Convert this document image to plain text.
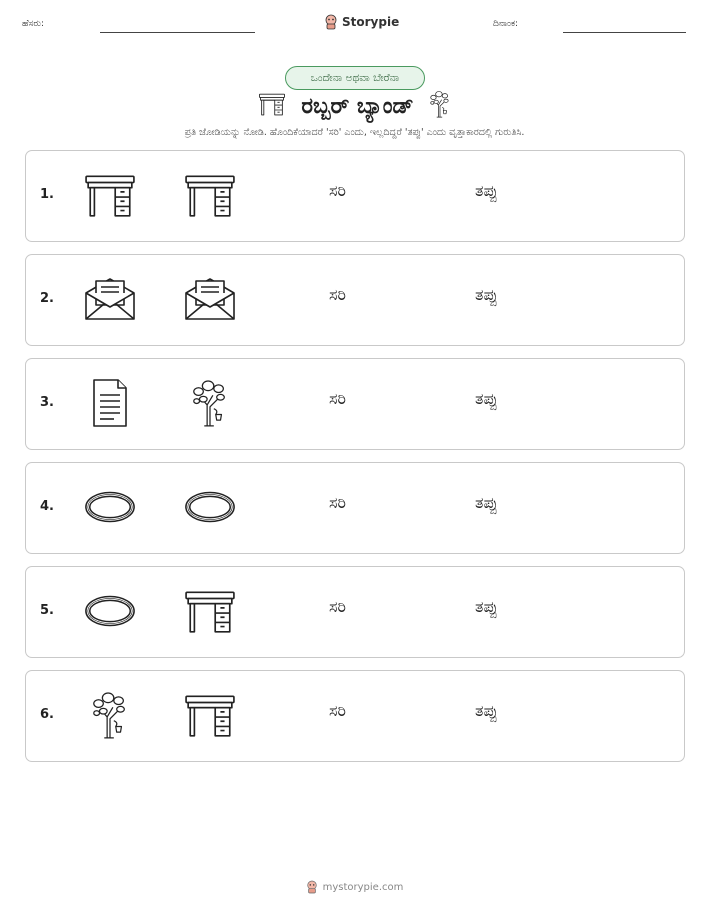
ಹೆಸರು:	Storypie	ದಿನಾಂಕ:
ಒಂದೇನಾ ಅಥವಾ ಬೇರೆನಾ
ರಬ್ಬರ್ ಬ್ಯಾಂಡ್
ಪ್ರತಿ ಜೋಡಿಯನ್ನು ನೋಡಿ. ಹೊಂದಿಕೆಯಾದರೆ 'ಸರಿ' ಎಂದು, ಇಲ್ಲದಿದ್ದರೆ 'ತಪ್ಪು' ಎಂದು ವೃತ್ತಾಕಾರದಲ್ಲಿ ಗುರುತಿಸಿ.
1.	ಸರಿ	ತಪ್ಪು
2.	ಸರಿ	ತಪ್ಪು
3.	ಸರಿ	ತಪ್ಪು
4.	ಸರಿ	ತಪ್ಪು
5.	ಸರಿ	ತಪ್ಪು
6.	ಸರಿ	ತಪ್ಪು
mystorypie.com
